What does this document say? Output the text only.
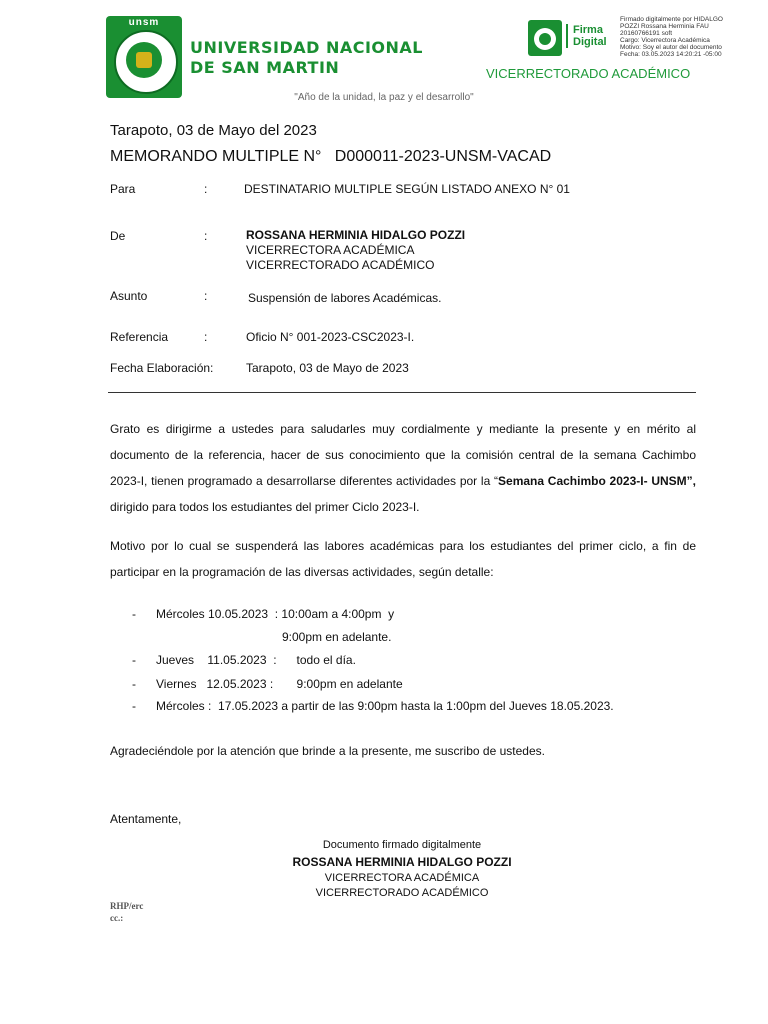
unsm
UNIVERSIDAD NACIONAL
DE SAN MARTIN
"Año de la unidad, la paz y el desarrollo"
Firma
Digital
Firmado digitalmente por HIDALGO
POZZI Rossana Herminia FAU
20160766191 soft
Cargo: Vicerrectora Académica
Motivo: Soy el autor del documento
Fecha: 03.05.2023 14:20:21 -05:00
VICERRECTORADO ACADÉMICO
Tarapoto, 03 de Mayo del 2023
MEMORANDO MULTIPLE N°   D000011-2023-UNSM-VACAD
Para	:	DESTINATARIO MULTIPLE SEGÚN LISTADO ANEXO N° 01
De	:	ROSSANA HERMINIA HIDALGO POZZI
VICERRECTORA ACADÉMICA
VICERRECTORADO ACADÉMICO
Asunto	:	Suspensión de labores Académicas.
Referencia	:	Oficio N° 001-2023-CSC2023-I.
Fecha Elaboración:	Tarapoto, 03 de Mayo de 2023
Grato es dirigirme a ustedes para saludarles muy cordialmente y mediante la presente y en mérito al documento de la referencia, hacer de sus conocimiento que la comisión central de la semana Cachimbo 2023-I, tienen programado a desarrollarse diferentes actividades por la “Semana Cachimbo 2023-I- UNSM”, dirigido para todos los estudiantes del primer Ciclo 2023-I.
Motivo por lo cual se suspenderá las labores académicas para los estudiantes del primer ciclo, a fin de participar en la programación de las diversas actividades, según detalle:
- Mércoles 10.05.2023  : 10:00am a 4:00pm  y
9:00pm en adelante.
- Jueves    11.05.2023  :      todo el día.
- Viernes   12.05.2023 :       9:00pm en adelante
- Mércoles :  17.05.2023 a partir de las 9:00pm hasta la 1:00pm del Jueves 18.05.2023.
Agradeciéndole por la atención que brinde a la presente, me suscribo de ustedes.
Atentamente,
Documento firmado digitalmente
ROSSANA HERMINIA HIDALGO POZZI
VICERRECTORA ACADÉMICA
VICERRECTORADO ACADÉMICO
RHP/erc
cc.:
